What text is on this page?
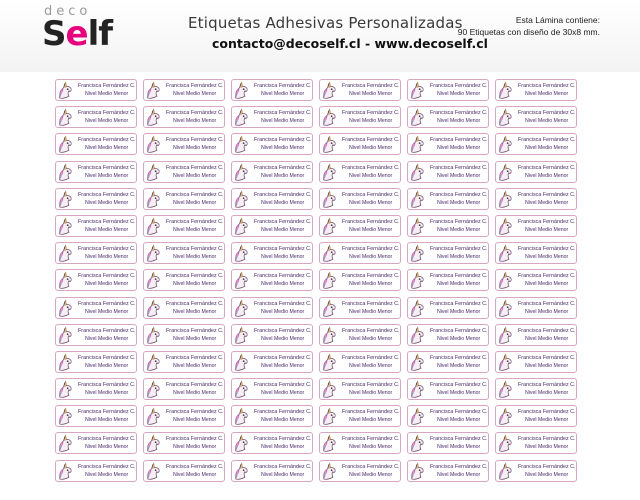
deco
Self	Etiquetas Adhesivas Personalizadas
contacto@decoself.cl - www.decoself.cl
Esta Lámina contiene:
90 Etiquetas con diseño de 30x8 mm.
Francisca Fernández C.
Nivel Medio Menor
Francisca Fernández C.
Nivel Medio Menor
Francisca Fernández C.
Nivel Medio Menor
Francisca Fernández C.
Nivel Medio Menor
Francisca Fernández C.
Nivel Medio Menor
Francisca Fernández C.
Nivel Medio Menor
Francisca Fernández C.
Nivel Medio Menor
Francisca Fernández C.
Nivel Medio Menor
Francisca Fernández C.
Nivel Medio Menor
Francisca Fernández C.
Nivel Medio Menor
Francisca Fernández C.
Nivel Medio Menor
Francisca Fernández C.
Nivel Medio Menor
Francisca Fernández C.
Nivel Medio Menor
Francisca Fernández C.
Nivel Medio Menor
Francisca Fernández C.
Nivel Medio Menor
Francisca Fernández C.
Nivel Medio Menor
Francisca Fernández C.
Nivel Medio Menor
Francisca Fernández C.
Nivel Medio Menor
Francisca Fernández C.
Nivel Medio Menor
Francisca Fernández C.
Nivel Medio Menor
Francisca Fernández C.
Nivel Medio Menor
Francisca Fernández C.
Nivel Medio Menor
Francisca Fernández C.
Nivel Medio Menor
Francisca Fernández C.
Nivel Medio Menor
Francisca Fernández C.
Nivel Medio Menor
Francisca Fernández C.
Nivel Medio Menor
Francisca Fernández C.
Nivel Medio Menor
Francisca Fernández C.
Nivel Medio Menor
Francisca Fernández C.
Nivel Medio Menor
Francisca Fernández C.
Nivel Medio Menor
Francisca Fernández C.
Nivel Medio Menor
Francisca Fernández C.
Nivel Medio Menor
Francisca Fernández C.
Nivel Medio Menor
Francisca Fernández C.
Nivel Medio Menor
Francisca Fernández C.
Nivel Medio Menor
Francisca Fernández C.
Nivel Medio Menor
Francisca Fernández C.
Nivel Medio Menor
Francisca Fernández C.
Nivel Medio Menor
Francisca Fernández C.
Nivel Medio Menor
Francisca Fernández C.
Nivel Medio Menor
Francisca Fernández C.
Nivel Medio Menor
Francisca Fernández C.
Nivel Medio Menor
Francisca Fernández C.
Nivel Medio Menor
Francisca Fernández C.
Nivel Medio Menor
Francisca Fernández C.
Nivel Medio Menor
Francisca Fernández C.
Nivel Medio Menor
Francisca Fernández C.
Nivel Medio Menor
Francisca Fernández C.
Nivel Medio Menor
Francisca Fernández C.
Nivel Medio Menor
Francisca Fernández C.
Nivel Medio Menor
Francisca Fernández C.
Nivel Medio Menor
Francisca Fernández C.
Nivel Medio Menor
Francisca Fernández C.
Nivel Medio Menor
Francisca Fernández C.
Nivel Medio Menor
Francisca Fernández C.
Nivel Medio Menor
Francisca Fernández C.
Nivel Medio Menor
Francisca Fernández C.
Nivel Medio Menor
Francisca Fernández C.
Nivel Medio Menor
Francisca Fernández C.
Nivel Medio Menor
Francisca Fernández C.
Nivel Medio Menor
Francisca Fernández C.
Nivel Medio Menor
Francisca Fernández C.
Nivel Medio Menor
Francisca Fernández C.
Nivel Medio Menor
Francisca Fernández C.
Nivel Medio Menor
Francisca Fernández C.
Nivel Medio Menor
Francisca Fernández C.
Nivel Medio Menor
Francisca Fernández C.
Nivel Medio Menor
Francisca Fernández C.
Nivel Medio Menor
Francisca Fernández C.
Nivel Medio Menor
Francisca Fernández C.
Nivel Medio Menor
Francisca Fernández C.
Nivel Medio Menor
Francisca Fernández C.
Nivel Medio Menor
Francisca Fernández C.
Nivel Medio Menor
Francisca Fernández C.
Nivel Medio Menor
Francisca Fernández C.
Nivel Medio Menor
Francisca Fernández C.
Nivel Medio Menor
Francisca Fernández C.
Nivel Medio Menor
Francisca Fernández C.
Nivel Medio Menor
Francisca Fernández C.
Nivel Medio Menor
Francisca Fernández C.
Nivel Medio Menor
Francisca Fernández C.
Nivel Medio Menor
Francisca Fernández C.
Nivel Medio Menor
Francisca Fernández C.
Nivel Medio Menor
Francisca Fernández C.
Nivel Medio Menor
Francisca Fernández C.
Nivel Medio Menor
Francisca Fernández C.
Nivel Medio Menor
Francisca Fernández C.
Nivel Medio Menor
Francisca Fernández C.
Nivel Medio Menor
Francisca Fernández C.
Nivel Medio Menor
Francisca Fernández C.
Nivel Medio Menor
